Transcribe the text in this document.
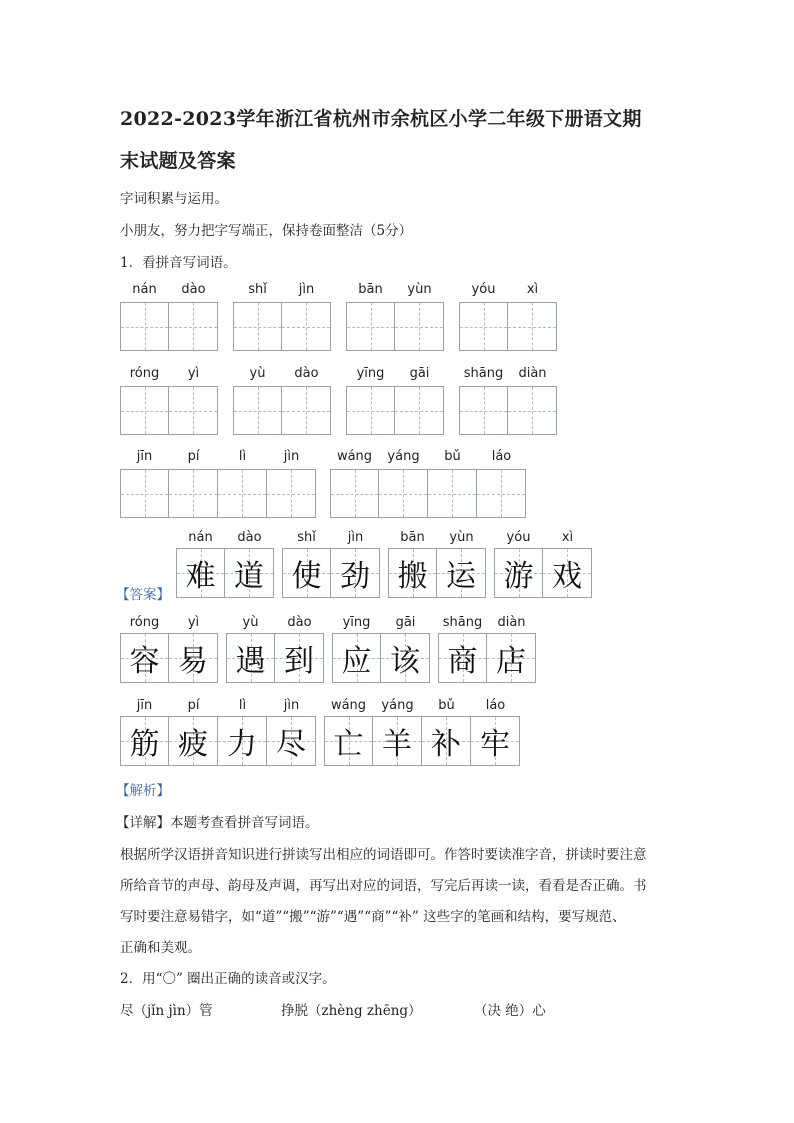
2022-2023学年浙江省杭州市余杭区小学二年级下册语文期
末试题及答案
字词积累与运用。
小朋友，努力把字写端正，保持卷面整洁（5分）
1．看拼音写词语。
nán	dào	shǐ	jìn	bān	yùn	yóu	xì
róng	yì	yù	dào	yīng	gāi	shāng	diàn
jīn	pí	lì	jìn	wáng	yáng	bǔ	láo
【答案】
nán	dào
难 道
shǐ	jìn
使 劲
bān	yùn
搬 运
yóu	xì
游 戏
róng	yì
容 易
yù	dào
遇 到
yīng	gāi
应 该
shāng	diàn
商 店
jīn	pí	lì	jìn
筋 疲 力 尽
wáng	yáng	bǔ	láo
亡 羊 补 牢
【解析】
【详解】本题考查看拼音写词语。
根据所学汉语拼音知识进行拼读写出相应的词语即可。作答时要读准字音，拼读时要注意
所给音节的声母、韵母及声调，再写出对应的词语，写完后再读一读，看看是否正确。书
写时要注意易错字，如“道”“搬”“游”“遇”“商”“补” 这些字的笔画和结构，要写规范、
正确和美观。
2．用“〇” 圈出正确的读音或汉字。
尽（jǐn jìn）管	挣脱（zhèng zhēng）	（决 绝）心
